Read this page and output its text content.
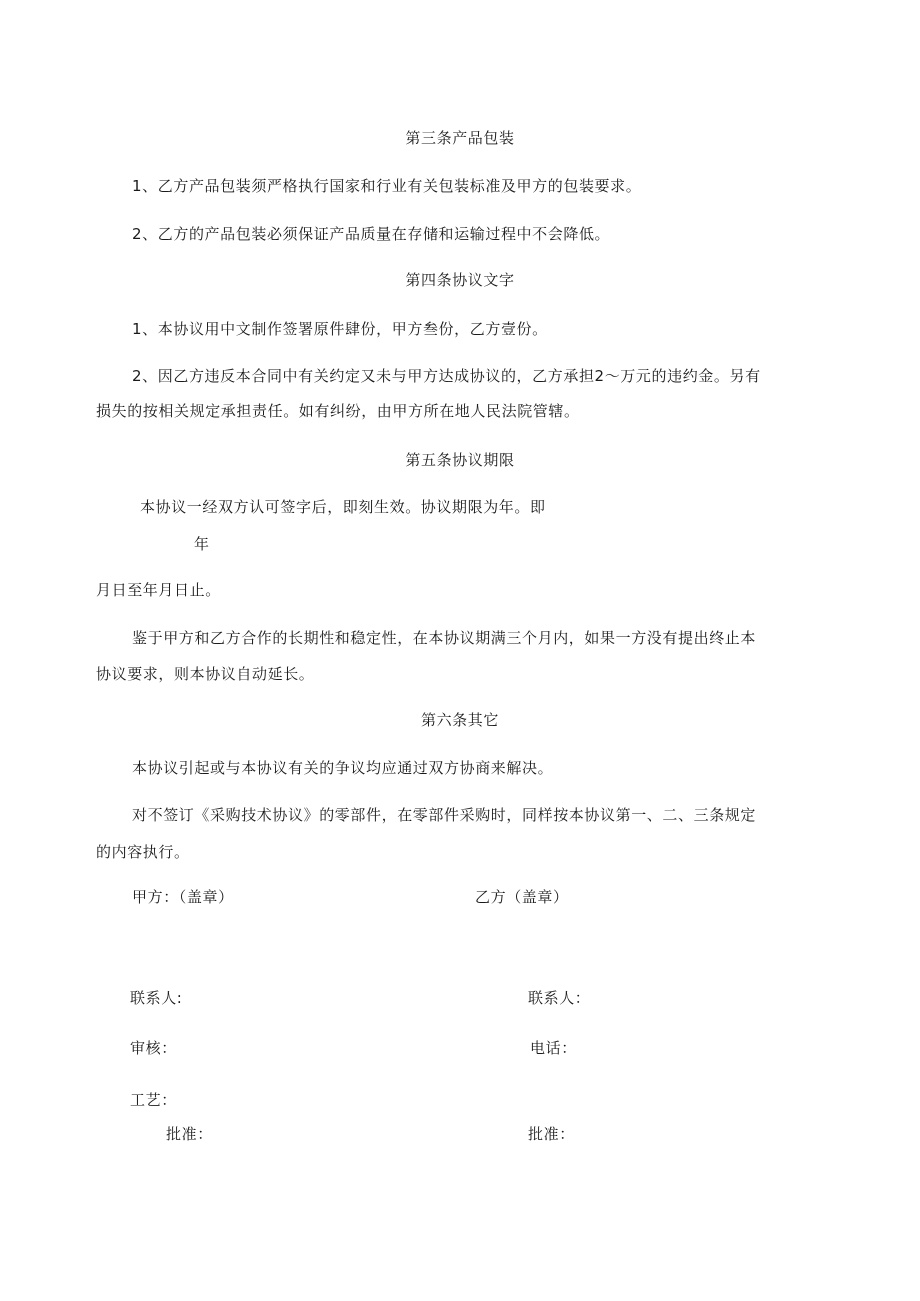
第三条产品包装
1、乙方产品包装须严格执行国家和行业有关包装标准及甲方的包装要求。
2、乙方的产品包装必须保证产品质量在存储和运输过程中不会降低。
第四条协议文字
1、本协议用中文制作签署原件肆份，甲方叁份，乙方壹份。
2、因乙方违反本合同中有关约定又未与甲方达成协议的，乙方承担2～万元的违约金。另有
损失的按相关规定承担责任。如有纠纷，由甲方所在地人民法院管辖。
第五条协议期限
本协议一经双方认可签字后，即刻生效。协议期限为年。即
年
月日至年月日止。
鉴于甲方和乙方合作的长期性和稳定性，在本协议期满三个月内，如果一方没有提出终止本
协议要求，则本协议自动延长。
第六条其它
本协议引起或与本协议有关的争议均应通过双方协商来解决。
对不签订《采购技术协议》的零部件，在零部件采购时，同样按本协议第一、二、三条规定
的内容执行。
甲方：（盖章）	乙方（盖章）
联系人:	联系人：
审核：	电话：
工艺：
批准：	批准：
